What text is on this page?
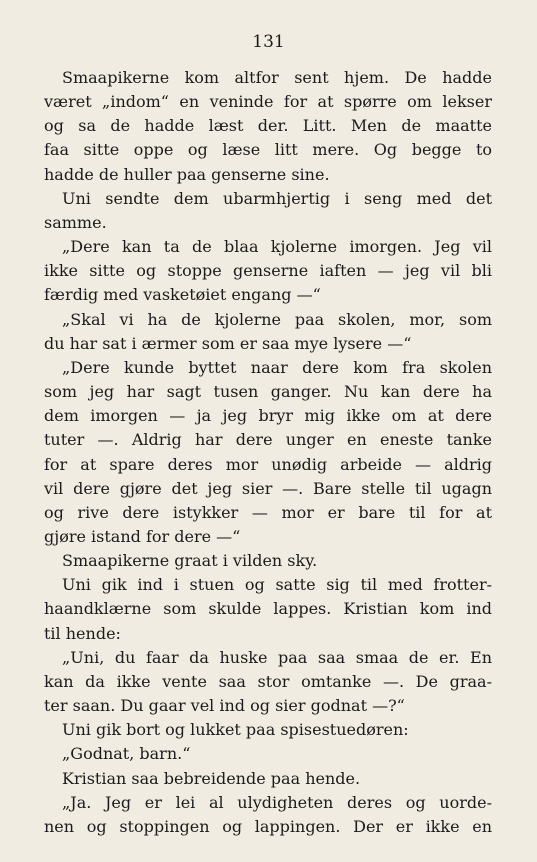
131
Smaapikerne kom altfor sent hjem. De hadde
været „indom“ en veninde for at spørre om lekser
og sa de hadde læst der. Litt. Men de maatte
faa sitte oppe og læse litt mere. Og begge to
hadde de huller paa genserne sine.
Uni sendte dem ubarmhjertig i seng med det
samme.
„Dere kan ta de blaa kjolerne imorgen. Jeg vil
ikke sitte og stoppe genserne iaften — jeg vil bli
færdig med vasketøiet engang —“
„Skal vi ha de kjolerne paa skolen, mor, som
du har sat i ærmer som er saa mye lysere —“
„Dere kunde byttet naar dere kom fra skolen
som jeg har sagt tusen ganger. Nu kan dere ha
dem imorgen — ja jeg bryr mig ikke om at dere
tuter —. Aldrig har dere unger en eneste tanke
for at spare deres mor unødig arbeide — aldrig
vil dere gjøre det jeg sier —. Bare stelle til ugagn
og rive dere istykker — mor er bare til for at
gjøre istand for dere —“
Smaapikerne graat i vilden sky.
Uni gik ind i stuen og satte sig til med frotter-
haandklærne som skulde lappes. Kristian kom ind
til hende:
„Uni, du faar da huske paa saa smaa de er. En
kan da ikke vente saa stor omtanke —. De graa-
ter saan. Du gaar vel ind og sier godnat —?“
Uni gik bort og lukket paa spisestuedøren:
„Godnat, barn.“
Kristian saa bebreidende paa hende.
„Ja. Jeg er lei al ulydigheten deres og uorde-
nen og stoppingen og lappingen. Der er ikke en
